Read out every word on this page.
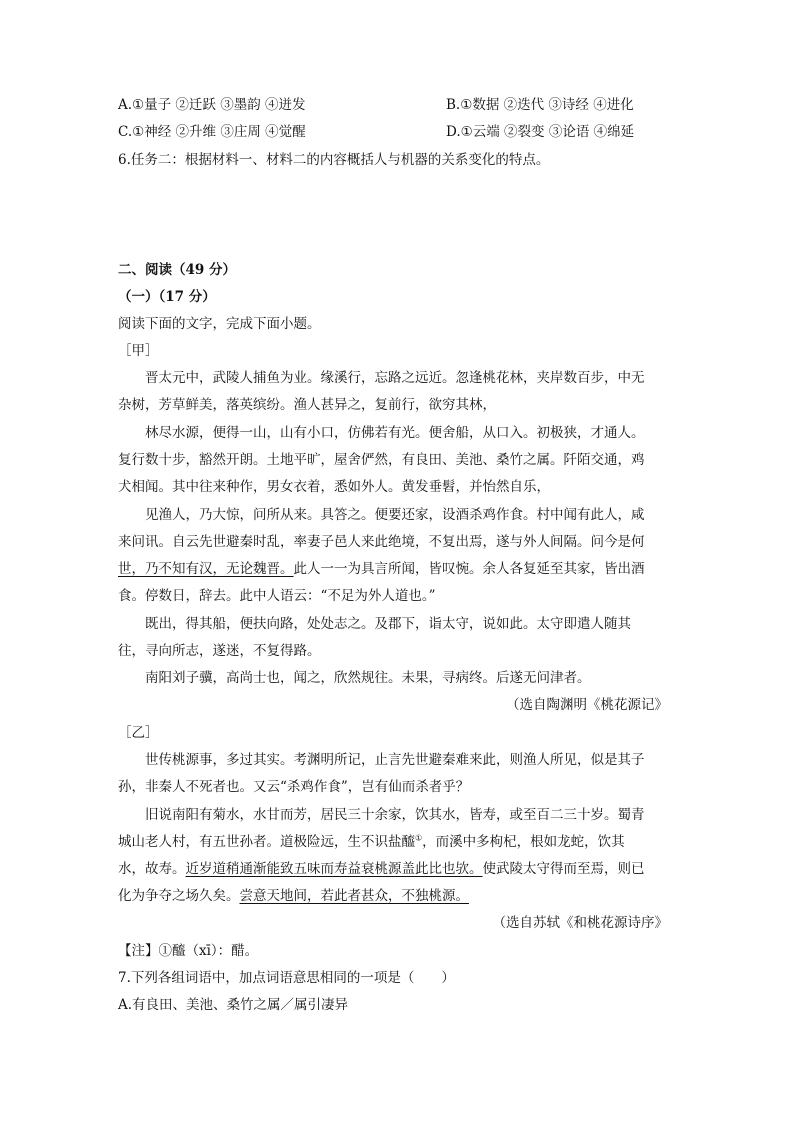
A.①量子 ②迁跃 ③墨韵 ④迸发	B.①数据 ②迭代 ③诗经 ④进化
C.①神经 ②升维 ③庄周 ④觉醒	D.①云端 ②裂变 ③论语 ④绵延
6.任务二：根据材料一、材料二的内容概括人与机器的关系变化的特点。
二、阅读（49 分）
（一）（17 分）
阅读下面的文字，完成下面小题。
［甲］
晋太元中，武陵人捕鱼为业。缘溪行，忘路之远近。忽逢桃花林，夹岸数百步，中无
杂树，芳草鲜美，落英缤纷。渔人甚异之，复前行，欲穷其林，
林尽水源，便得一山，山有小口，仿佛若有光。便舍船，从口入。初极狭，才通人。
复行数十步，豁然开朗。土地平旷，屋舍俨然，有良田、美池、桑竹之属。阡陌交通，鸡
犬相闻。其中往来种作，男女衣着，悉如外人。黄发垂髫，并怡然自乐，
见渔人，乃大惊，问所从来。具答之。便要还家，设酒杀鸡作食。村中闻有此人，咸
来问讯。自云先世避秦时乱，率妻子邑人来此绝境，不复出焉，遂与外人间隔。问今是何
世，乃不知有汉，无论魏晋。此人一一为具言所闻，皆叹惋。余人各复延至其家，皆出酒
食。停数日，辞去。此中人语云：“不足为外人道也。”
既出，得其船，便扶向路，处处志之。及郡下，诣太守，说如此。太守即遣人随其
往，寻向所志，遂迷，不复得路。
南阳刘子骥，高尚士也，闻之，欣然规往。未果，寻病终。后遂无问津者。
（选自陶渊明《桃花源记》
［乙］
世传桃源事，多过其实。考渊明所记，止言先世避秦难来此，则渔人所见，似是其子
孙，非秦人不死者也。又云“杀鸡作食”，岂有仙而杀者乎？
旧说南阳有菊水，水甘而芳，居民三十余家，饮其水，皆寿，或至百二三十岁。蜀青
城山老人村，有五世孙者。道极险远，生不识盐醯①，而溪中多枸杞，根如龙蛇，饮其
水，故寿。近岁道稍通渐能致五味而寿益衰桃源盖此比也欤。使武陵太守得而至焉，则已
化为争夺之场久矣。尝意天地间，若此者甚众，不独桃源。
（选自苏轼《和桃花源诗序》
【注】①醯（xī）：醋。
7.下列各组词语中，加点词语意思相同的一项是（　　）
A.有良田、美池、桑竹之属／属引凄异
